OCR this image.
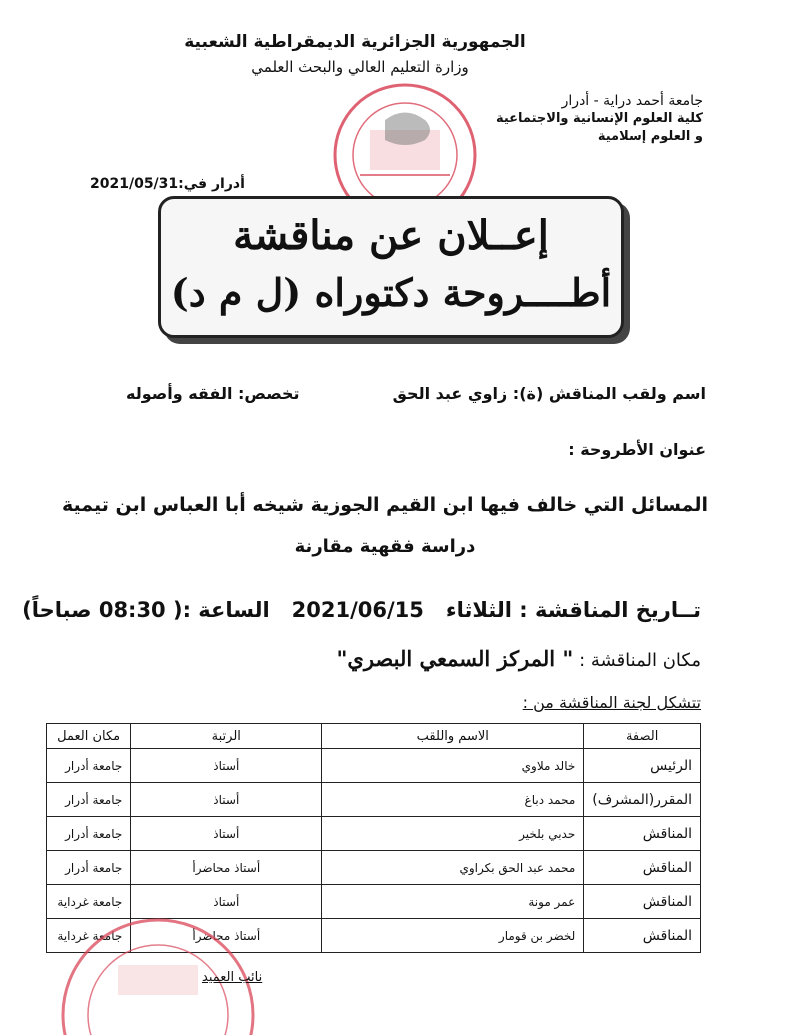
الجمهورية الجزائرية الديمقراطية الشعبية
وزارة التعليم العالي والبحث العلمي
جامعة أحمد دراية - أدرار
كلية العلوم الإنسانية والاجتماعية
و العلوم إسلامية
أدرار في:2021/05/31
إعــلان عن مناقشة
أطــــروحة دكتوراه (ل م د)
اسم ولقب المناقش (ة): زاوي عبد الحق
تخصص: الفقه وأصوله
عنوان الأطروحة :
المسائل التي خالف فيها ابن القيم الجوزية شيخه أبا العباس ابن تيمية
دراسة فقهية مقارنة
تــاريخ المناقشة : الثلاثاء   2021/06/15   الساعة :( 08:30 صباحاً)
مكان المناقشة : " المركز السمعي البصري"
تتشكل لجنة المناقشة من :
الصفة	الاسم واللقب	الرتبة	مكان العمل
الرئيس	خالد ملاوي	أستاذ	جامعة أدرار
المقرر(المشرف)	محمد دباغ	أستاذ	جامعة أدرار
المناقش	حدبي بلخير	أستاذ	جامعة أدرار
المناقش	محمد عبد الحق بكراوي	أستاذ محاضرأ	جامعة أدرار
المناقش	عمر مونة	أستاذ	جامعة غرداية
المناقش	لخضر بن قومار	أستاذ محاضرأ	جامعة غرداية
نائب العميد
